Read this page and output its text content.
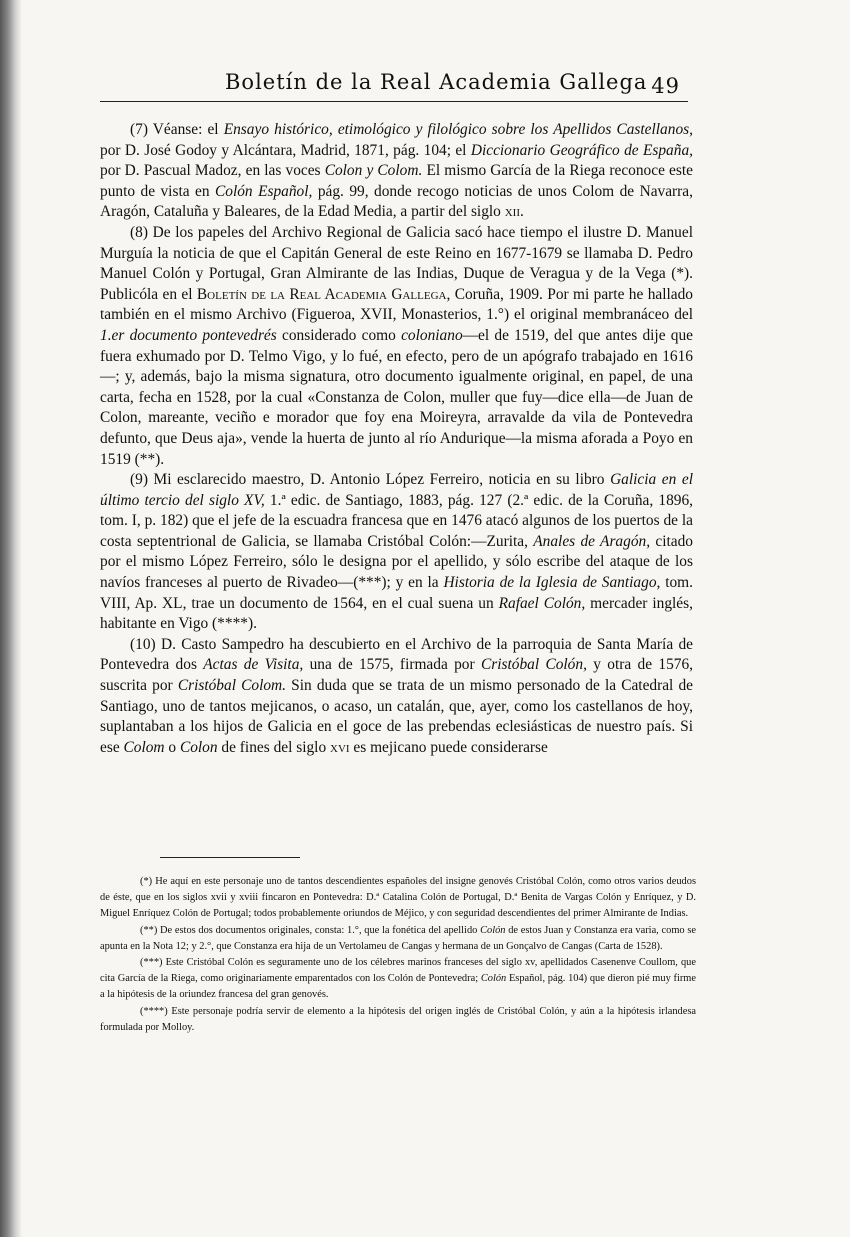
Boletín de la Real Academia Gallega 49

(7) Véanse: el Ensayo histórico, etimológico y filológico sobre los Apellidos Castellanos, por D. José Godoy y Alcántara, Madrid, 1871, pág. 104; el Diccionario Geográfico de España, por D. Pascual Madoz, en las voces Colon y Colom. El mismo García de la Riega reconoce este punto de vista en Colón Español, pág. 99, donde recogo noticias de unos Colom de Navarra, Aragón, Cataluña y Baleares, de la Edad Media, a partir del siglo xii.

(8) De los papeles del Archivo Regional de Galicia sacó hace tiempo el ilustre D. Manuel Murguía la noticia de que el Capitán General de este Reino en 1677-1679 se llamaba D. Pedro Manuel Colón y Portugal, Gran Almirante de las Indias, Duque de Veragua y de la Vega (*). Publicóla en el Boletín de la Real Academia Gallega, Coruña, 1909. Por mi parte he hallado también en el mismo Archivo (Figueroa, XVII, Monasterios, 1.°) el original membranáceo del 1.er documento pontevedrés considerado como coloniano—el de 1519, del que antes dije que fuera exhumado por D. Telmo Vigo, y lo fué, en efecto, pero de un apógrafo trabajado en 1616—; y, además, bajo la misma signatura, otro documento igualmente original, en papel, de una carta, fecha en 1528, por la cual «Constanza de Colon, muller que fuy—dice ella—de Juan de Colon, mareante, veciño e morador que foy ena Moireyra, arravalde da vila de Pontevedra defunto, que Deus aja», vende la huerta de junto al río Andurique—la misma aforada a Poyo en 1519 (**).

(9) Mi esclarecido maestro, D. Antonio López Ferreiro, noticia en su libro Galicia en el último tercio del siglo XV, 1.ª edic. de Santiago, 1883, pág. 127 (2.ª edic. de la Coruña, 1896, tom. I, p. 182) que el jefe de la escuadra francesa que en 1476 atacó algunos de los puertos de la costa septentrional de Galicia, se llamaba Cristóbal Colón:—Zurita, Anales de Aragón, citado por el mismo López Ferreiro, sólo le designa por el apellido, y sólo escribe del ataque de los navíos franceses al puerto de Rivadeo—(***); y en la Historia de la Iglesia de Santiago, tom. VIII, Ap. XL, trae un documento de 1564, en el cual suena un Rafael Colón, mercader inglés, habitante en Vigo (****).

(10) D. Casto Sampedro ha descubierto en el Archivo de la parroquia de Santa María de Pontevedra dos Actas de Visita, una de 1575, firmada por Cristóbal Colón, y otra de 1576, suscrita por Cristóbal Colom. Sin duda que se trata de un mismo personado de la Catedral de Santiago, uno de tantos mejicanos, o acaso, un catalán, que, ayer, como los castellanos de hoy, suplantaban a los hijos de Galicia en el goce de las prebendas eclesiásticas de nuestro país. Si ese Colom o Colon de fines del siglo xvi es mejicano puede considerarse

(*) He aquí en este personaje uno de tantos descendientes españoles del insigne genovés Cristóbal Colón, como otros varios deudos de éste, que en los siglos xvii y xviii fincaron en Pontevedra: D.ª Catalina Colón de Portugal, D.ª Benita de Vargas Colón y Enríquez, y D. Miguel Enríquez Colón de Portugal; todos probablemente oriundos de Méjico, y con seguridad descendientes del primer Almirante de Indias.

(**) De estos dos documentos originales, consta: 1.°, que la fonética del apellido Colón de estos Juan y Constanza era varia, como se apunta en la Nota 12; y 2.°, que Constanza era hija de un Vertolameu de Cangas y hermana de un Gonçalvo de Cangas (Carta de 1528).

(***) Este Cristóbal Colón es seguramente uno de los célebres marinos franceses del siglo xv, apellidados Casenenve Coullom, que cita García de la Riega, como originariamente emparentados con los Colón de Pontevedra; Colón Español, pág. 104) que dieron pié muy firme a la hipótesis de la oriundez francesa del gran genovés.

(****) Este personaje podría servir de elemento a la hipótesis del origen inglés de Cristóbal Colón, y aún a la hipótesis irlandesa formulada por Molloy.
